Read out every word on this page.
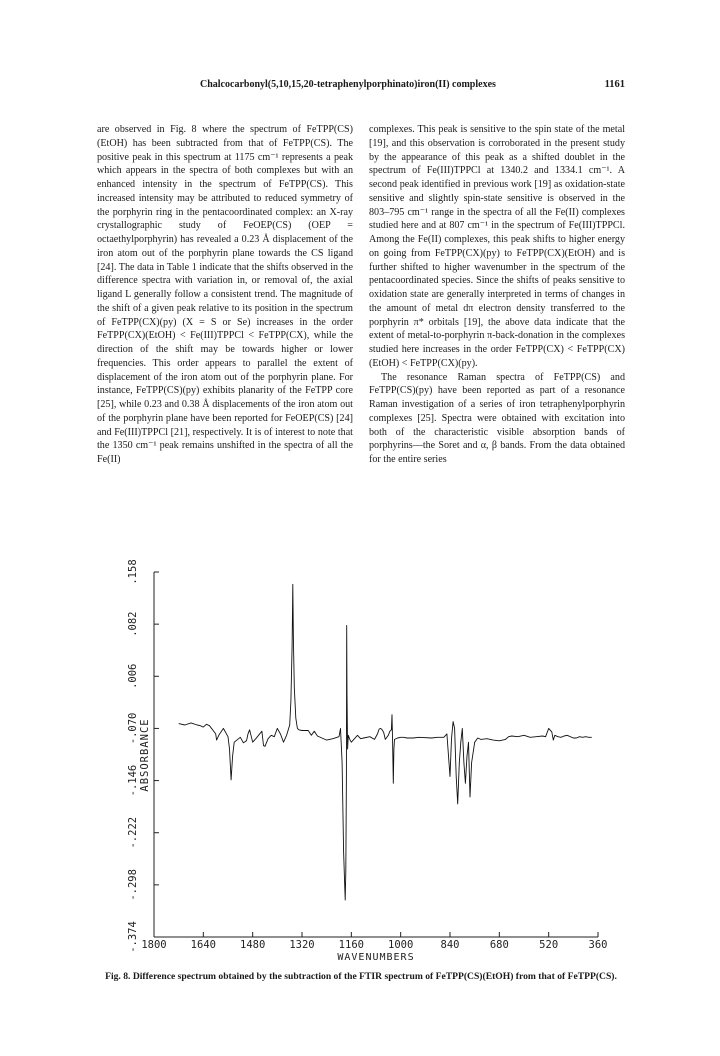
Chalcocarbonyl(5,10,15,20-tetraphenylporphinato)iron(II) complexes	1161

are observed in Fig. 8 where the spectrum of FeTPP(CS)(EtOH) has been subtracted from that of FeTPP(CS). The positive peak in this spectrum at 1175 cm⁻¹ represents a peak which appears in the spectra of both complexes but with an enhanced intensity in the spectrum of FeTPP(CS). This increased intensity may be attributed to reduced symmetry of the porphyrin ring in the pentacoordinated complex: an X-ray crystallographic study of FeOEP(CS) (OEP = octaethylporphyrin) has revealed a 0.23 Å displacement of the iron atom out of the porphyrin plane towards the CS ligand [24]. The data in Table 1 indicate that the shifts observed in the difference spectra with variation in, or removal of, the axial ligand L generally follow a consistent trend. The magnitude of the shift of a given peak relative to its position in the spectrum of FeTPP(CX)(py) (X = S or Se) increases in the order FeTPP(CX)(EtOH) < Fe(III)TPPCl < FeTPP(CX), while the direction of the shift may be towards higher or lower frequencies. This order appears to parallel the extent of displacement of the iron atom out of the porphyrin plane. For instance, FeTPP(CS)(py) exhibits planarity of the FeTPP core [25], while 0.23 and 0.38 Å displacements of the iron atom out of the porphyrin plane have been reported for FeOEP(CS) [24] and Fe(III)TPPCl [21], respectively. It is of interest to note that the 1350 cm⁻¹ peak remains unshifted in the spectra of all the Fe(II)

complexes. This peak is sensitive to the spin state of the metal [19], and this observation is corroborated in the present study by the appearance of this peak as a shifted doublet in the spectrum of Fe(III)TPPCl at 1340.2 and 1334.1 cm⁻¹. A second peak identified in previous work [19] as oxidation-state sensitive and slightly spin-state sensitive is observed in the 803–795 cm⁻¹ range in the spectra of all the Fe(II) complexes studied here and at 807 cm⁻¹ in the spectrum of Fe(III)TPPCl. Among the Fe(II) complexes, this peak shifts to higher energy on going from FeTPP(CX)(py) to FeTPP(CX)(EtOH) and is further shifted to higher wavenumber in the spectrum of the pentacoordinated species. Since the shifts of peaks sensitive to oxidation state are generally interpreted in terms of changes in the amount of metal dπ electron density transferred to the porphyrin π* orbitals [19], the above data indicate that the extent of metal-to-porphyrin π-back-donation in the complexes studied here increases in the order FeTPP(CX) < FeTPP(CX)(EtOH) < FeTPP(CX)(py).

The resonance Raman spectra of FeTPP(CS) and FeTPP(CS)(py) have been reported as part of a resonance Raman investigation of a series of iron tetraphenylporphyrin complexes [25]. Spectra were obtained with excitation into both of the characteristic visible absorption bands of porphyrins—the Soret and α, β bands. From the data obtained for the entire series

-.374
-.298
-.222
-.146
-.070
.006
.082
.158
1800 1640 1480 1320 1160 1000	840	680	520	360
ABSORBANCE
WAVENUMBERS
Fig. 8. Difference spectrum obtained by the subtraction of the FTIR spectrum of FeTPP(CS)(EtOH) from that of FeTPP(CS).
